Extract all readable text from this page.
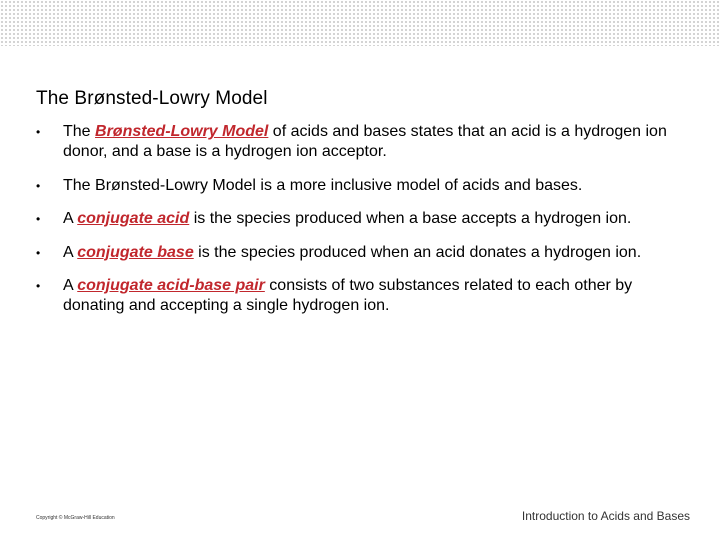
The Brønsted-Lowry Model
•	The Brønsted-Lowry Model of acids and bases states that an acid is a hydrogen ion donor, and a base is a hydrogen ion acceptor.
•	The Brønsted-Lowry Model is a more inclusive model of acids and bases.
•	A conjugate acid is the species produced when a base accepts a hydrogen ion.
•	A conjugate base is the species produced when an acid donates a hydrogen ion.
•	A conjugate acid-base pair consists of two substances related to each other by donating and accepting a single hydrogen ion.
Copyright © McGraw-Hill Education	Introduction to Acids and Bases
